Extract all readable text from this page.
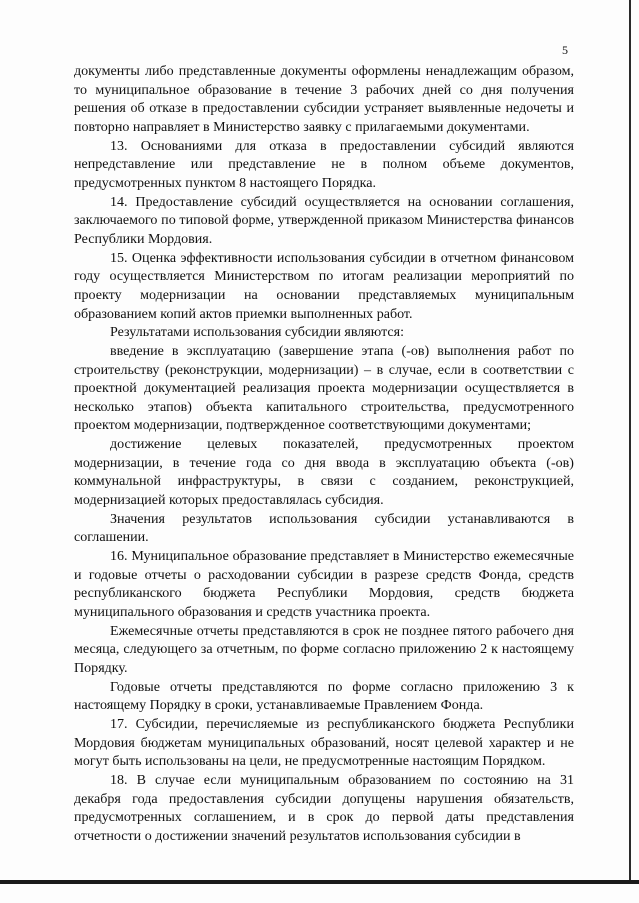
5

документы либо представленные документы оформлены ненадлежащим образом, то муниципальное образование в течение 3 рабочих дней со дня получения решения об отказе в предоставлении субсидии устраняет выявленные недочеты и повторно направляет в Министерство заявку с прилагаемыми документами.

13. Основаниями для отказа в предоставлении субсидий являются непредставление или представление не в полном объеме документов, предусмотренных пунктом 8 настоящего Порядка.

14. Предоставление субсидий осуществляется на основании соглашения, заключаемого по типовой форме, утвержденной приказом Министерства финансов Республики Мордовия.

15. Оценка эффективности использования субсидии в отчетном финансовом году осуществляется Министерством по итогам реализации мероприятий по проекту модернизации на основании представляемых муниципальным образованием копий актов приемки выполненных работ.

Результатами использования субсидии являются:

введение в эксплуатацию (завершение этапа (-ов) выполнения работ по строительству (реконструкции, модернизации) – в случае, если в соответствии с проектной документацией реализация проекта модернизации осуществляется в несколько этапов) объекта капитального строительства, предусмотренного проектом модернизации, подтвержденное соответствующими документами;

достижение целевых показателей, предусмотренных проектом модернизации, в течение года со дня ввода в эксплуатацию объекта (-ов) коммунальной инфраструктуры, в связи с созданием, реконструкцией, модернизацией которых предоставлялась субсидия.

Значения результатов использования субсидии устанавливаются в соглашении.

16. Муниципальное образование представляет в Министерство ежемесячные и годовые отчеты о расходовании субсидии в разрезе средств Фонда, средств республиканского бюджета Республики Мордовия, средств бюджета муниципального образования и средств участника проекта.

Ежемесячные отчеты представляются в срок не позднее пятого рабочего дня месяца, следующего за отчетным, по форме согласно приложению 2 к настоящему Порядку.

Годовые отчеты представляются по форме согласно приложению 3 к настоящему Порядку в сроки, устанавливаемые Правлением Фонда.

17. Субсидии, перечисляемые из республиканского бюджета Республики Мордовия бюджетам муниципальных образований, носят целевой характер и не могут быть использованы на цели, не предусмотренные настоящим Порядком.

18. В случае если муниципальным образованием по состоянию на 31 декабря года предоставления субсидии допущены нарушения обязательств, предусмотренных соглашением, и в срок до первой даты представления отчетности о достижении значений результатов использования субсидии в
